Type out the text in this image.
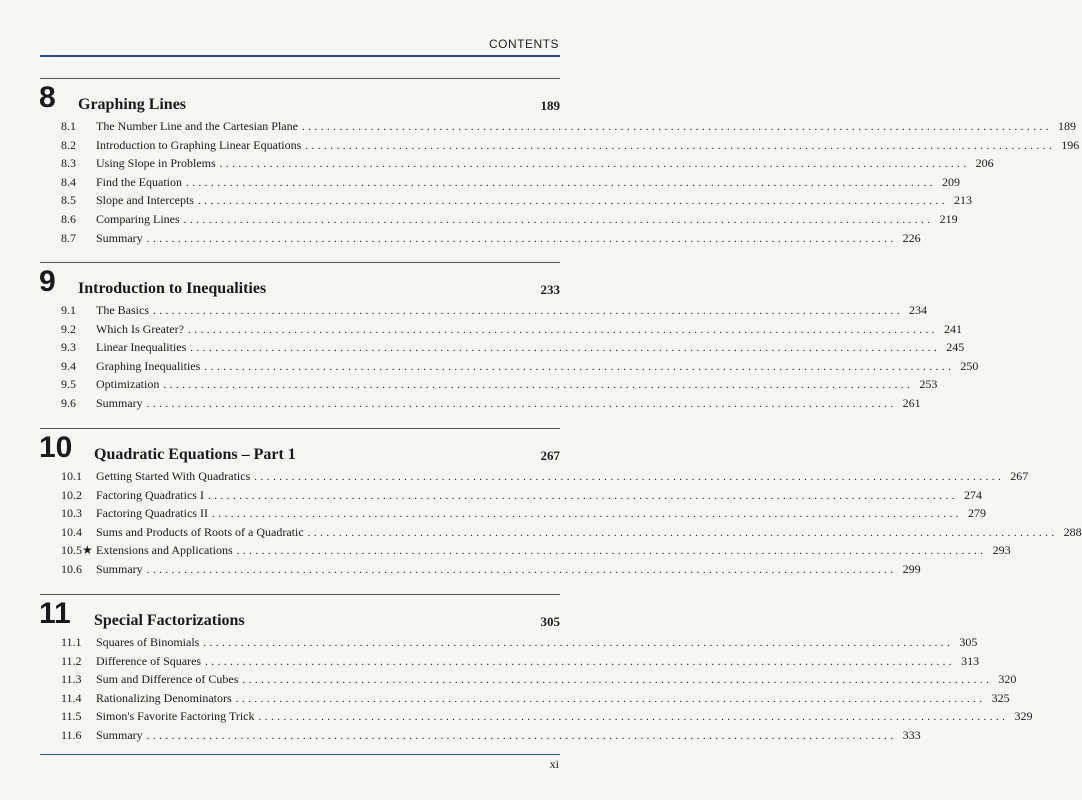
CONTENTS
8 Graphing Lines	189
8.1 The Number Line and the Cartesian Plane ........................................................................................................................ 189
8.2 Introduction to Graphing Linear Equations ........................................................................................................................ 196
8.3 Using Slope in Problems ........................................................................................................................ 206
8.4 Find the Equation ........................................................................................................................ 209
8.5 Slope and Intercepts ........................................................................................................................ 213
8.6 Comparing Lines ........................................................................................................................ 219
8.7 Summary ........................................................................................................................ 226
9 Introduction to Inequalities	233
9.1 The Basics ........................................................................................................................ 234
9.2 Which Is Greater? ........................................................................................................................ 241
9.3 Linear Inequalities ........................................................................................................................ 245
9.4 Graphing Inequalities ........................................................................................................................ 250
9.5 Optimization ........................................................................................................................ 253
9.6 Summary ........................................................................................................................ 261
10 Quadratic Equations – Part 1	267
10.1 Getting Started With Quadratics ........................................................................................................................ 267
10.2 Factoring Quadratics I ........................................................................................................................ 274
10.3 Factoring Quadratics II ........................................................................................................................ 279
10.4 Sums and Products of Roots of a Quadratic ........................................................................................................................ 288
10.5★ Extensions and Applications ........................................................................................................................ 293
10.6 Summary ........................................................................................................................ 299
11 Special Factorizations	305
11.1 Squares of Binomials ........................................................................................................................ 305
11.2 Difference of Squares ........................................................................................................................ 313
11.3 Sum and Difference of Cubes ........................................................................................................................ 320
11.4 Rationalizing Denominators ........................................................................................................................ 325
11.5 Simon's Favorite Factoring Trick ........................................................................................................................ 329
11.6 Summary ........................................................................................................................ 333
xi
